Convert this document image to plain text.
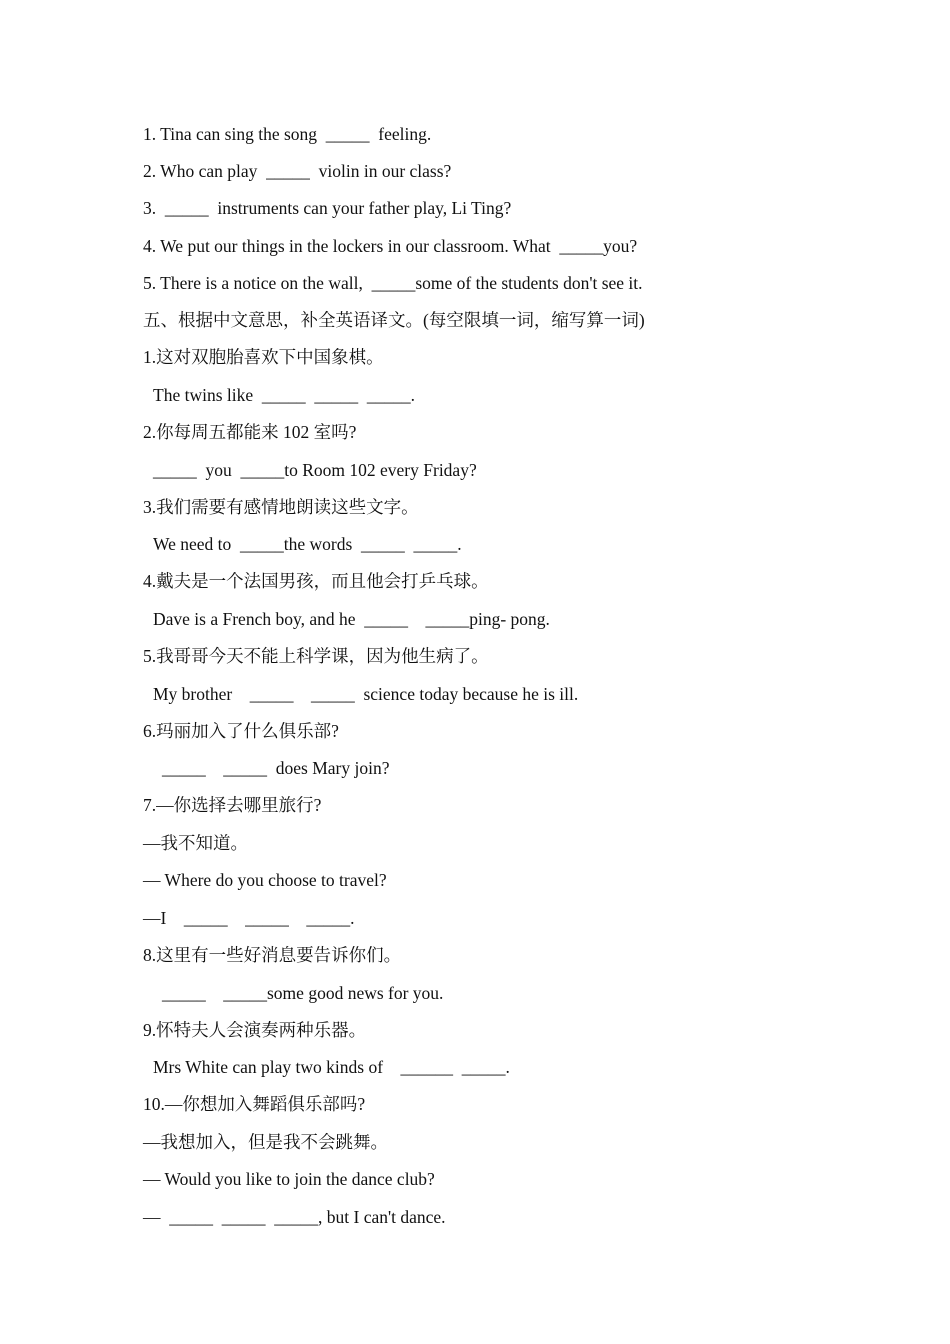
1. Tina can sing the song  _____  feeling.
2. Who can play  _____  violin in our class?
3.  _____  instruments can your father play, Li Ting?
4. We put our things in the lockers in our classroom. What  _____you?
5. There is a notice on the wall,  _____some of the students don't see it.
五、根据中文意思，补全英语译文。(每空限填一词，缩写算一词)
1.这对双胞胎喜欢下中国象棋。
The twins like  _____  _____  _____.
2.你每周五都能来 102 室吗?
_____  you  _____to Room 102 every Friday?
3.我们需要有感情地朗读这些文字。
We need to  _____the words  _____  _____.
4.戴夫是一个法国男孩，而且他会打乒乓球。
Dave is a French boy, and he  _____    _____ping- pong.
5.我哥哥今天不能上科学课，因为他生病了。
My brother    _____    _____  science today because he is ill.
6.玛丽加入了什么俱乐部?
_____    _____  does Mary join?
7.—你选择去哪里旅行?
—我不知道。
— Where do you choose to travel?
—I    _____    _____    _____.
8.这里有一些好消息要告诉你们。
_____    _____some good news for you.
9.怀特夫人会演奏两种乐器。
Mrs White can play two kinds of    ______  _____.
10.—你想加入舞蹈俱乐部吗?
—我想加入，但是我不会跳舞。
— Would you like to join the dance club?
—  _____  _____  _____, but I can't dance.
